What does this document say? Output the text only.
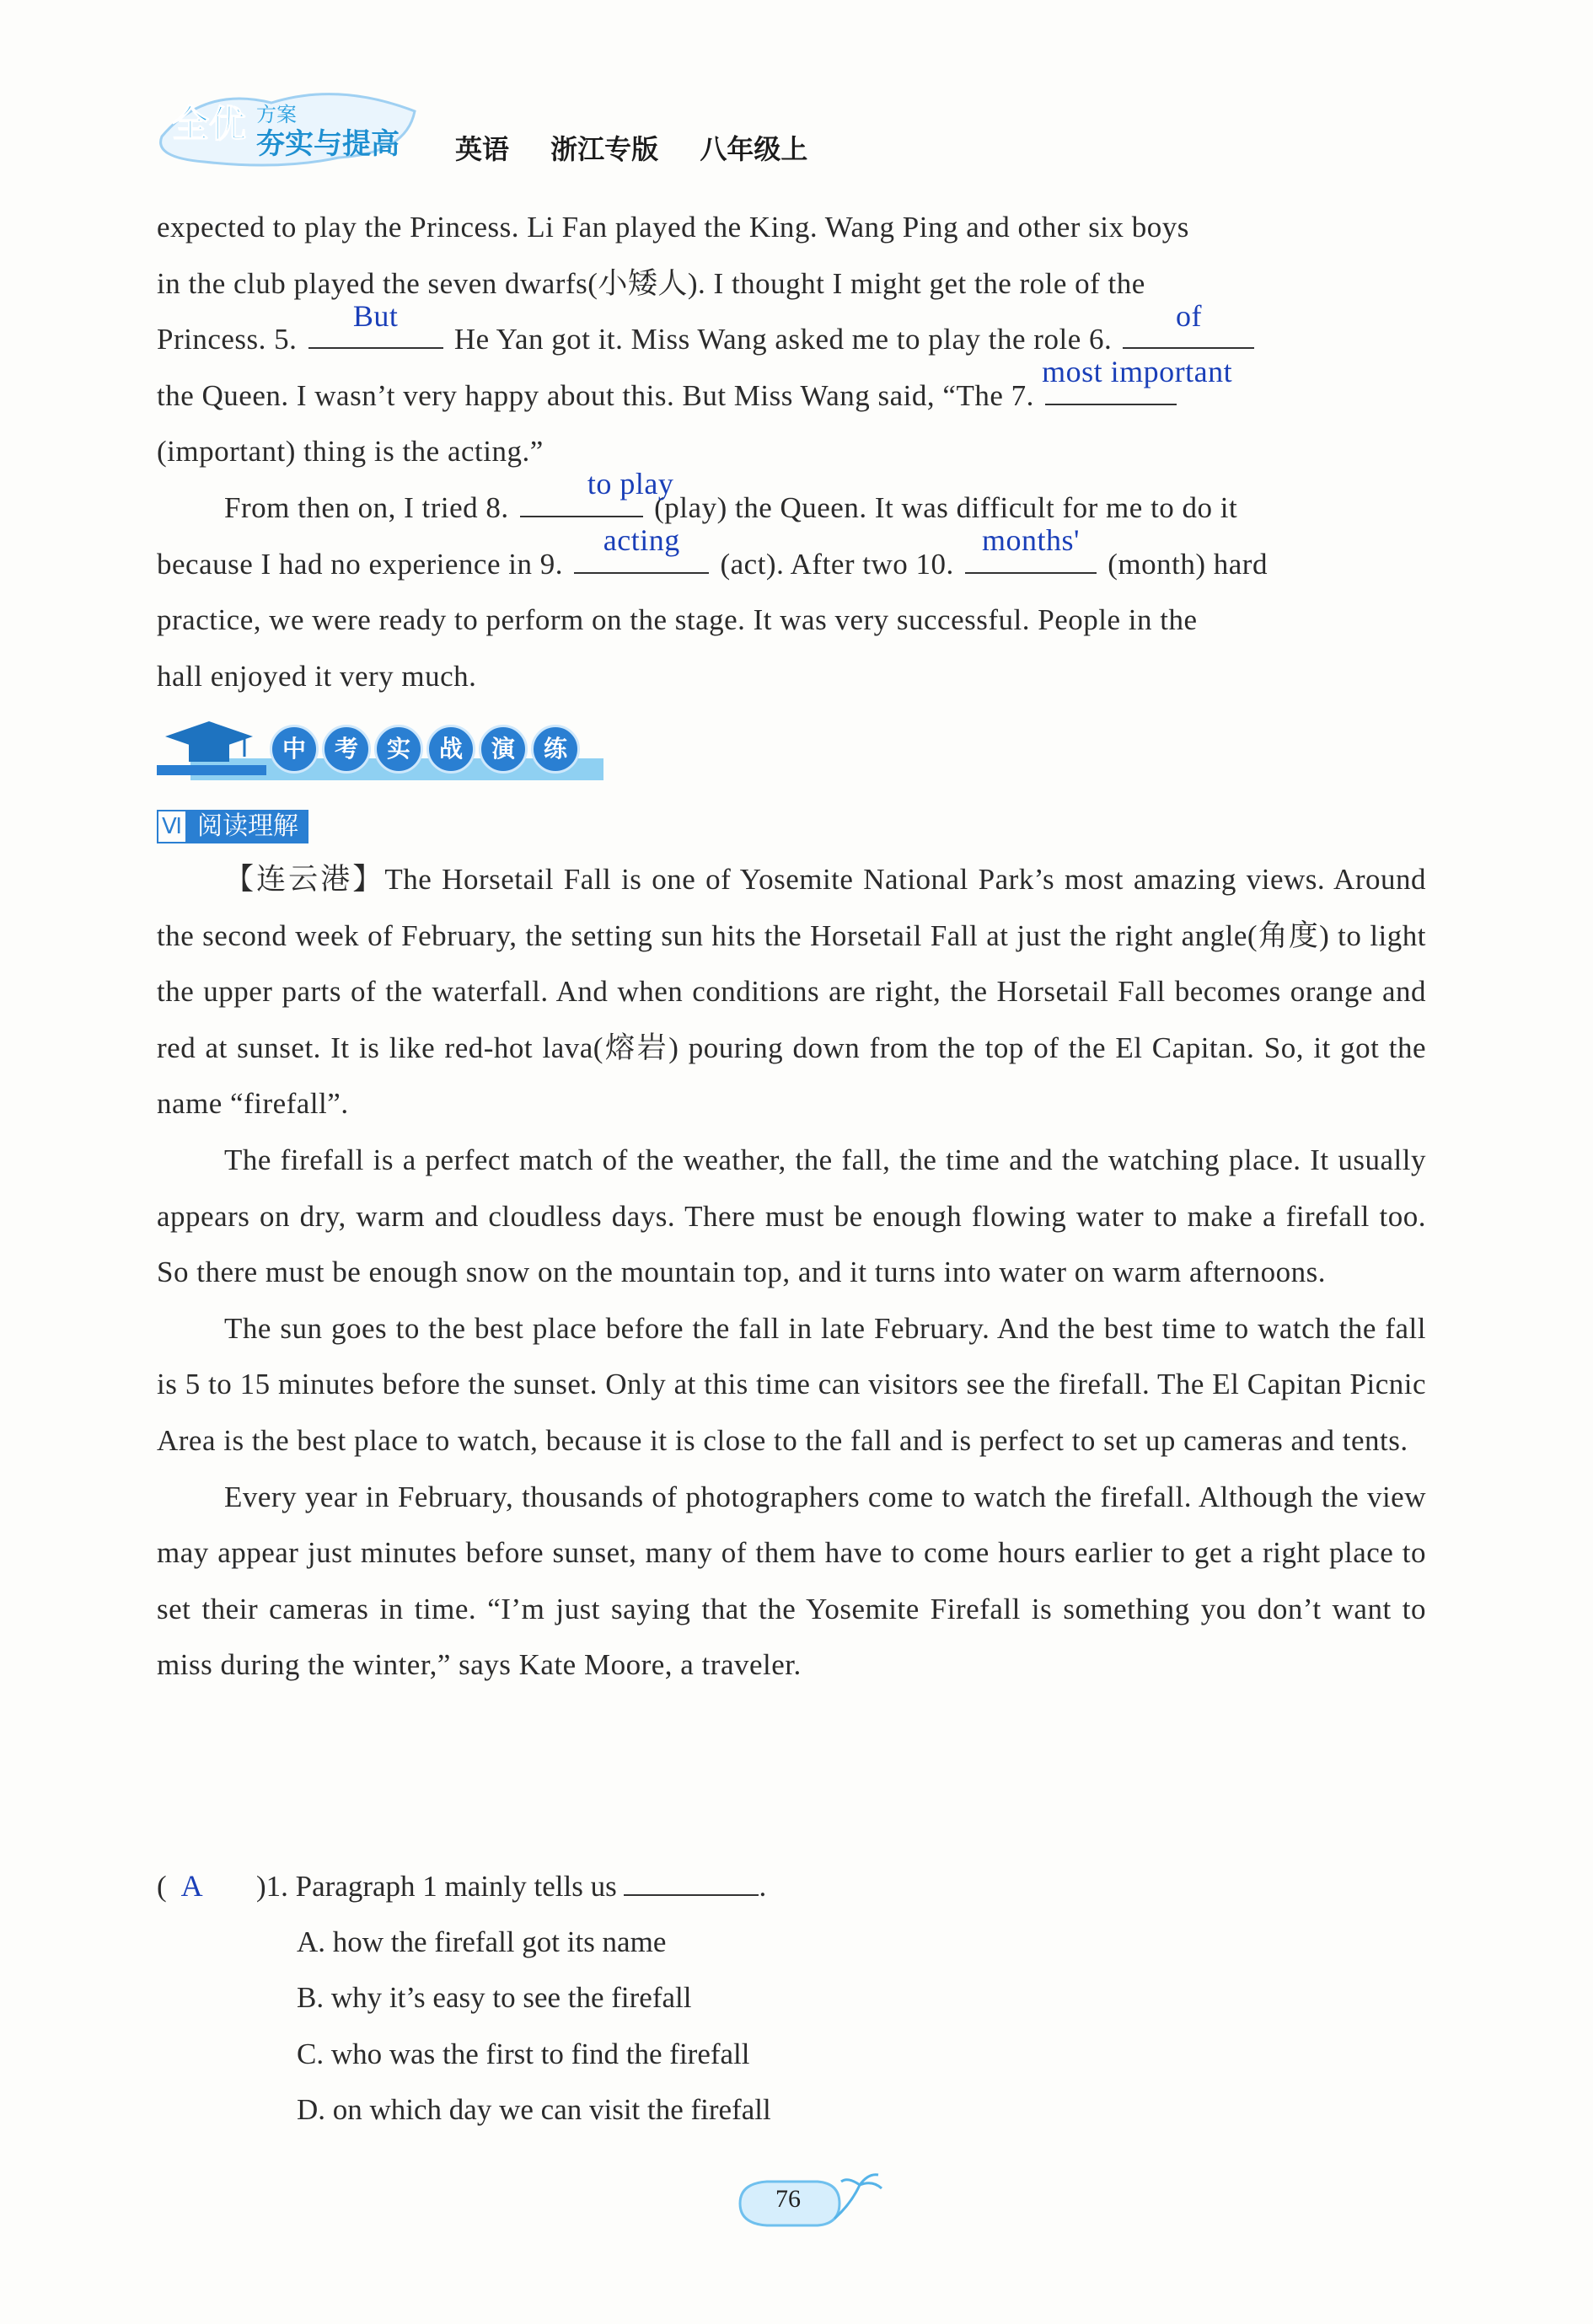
全优 方案
夯实与提高 英语 浙江专版 八年级上

expected to play the Princess. Li Fan played the King. Wang Ping and other six boys

in the club played the seven dwarfs(小矮人). I thought I might get the role of the

Princess. 5.
But
He Yan got it. Miss Wang asked me to play the role 6.
of

the Queen. I wasn’t very happy about this. But Miss Wang said, “The 7.
most important

(important) thing is the acting.”

From then on, I tried 8.
to play
(play) the Queen. It was difficult for me to do it

because I had no experience in 9.
acting
(act). After two 10.
months'
(month) hard

practice, we were ready to perform on the stage. It was very successful. People in the

hall enjoyed it very much.

中	考	实	战	演	练
Ⅵ 阅读理解

【连云港】The Horsetail Fall is one of Yosemite National Park’s most amazing views. Around the second week of February, the setting sun hits the Horsetail Fall at just the right angle(角度) to light the upper parts of the waterfall. And when conditions are right, the Horsetail Fall becomes orange and red at sunset. It is like red-hot lava(熔岩) pouring down from the top of the El Capitan. So, it got the name “firefall”.

The firefall is a perfect match of the weather, the fall, the time and the watching place. It usually appears on dry, warm and cloudless days. There must be enough flowing water to make a firefall too. So there must be enough snow on the mountain top, and it turns into water on warm afternoons.

The sun goes to the best place before the fall in late February. And the best time to watch the fall is 5 to 15 minutes before the sunset. Only at this time can visitors see the firefall. The El Capitan Picnic Area is the best place to watch, because it is close to the fall and is perfect to set up cameras and tents.

Every year in February, thousands of photographers come to watch the firefall. Although the view may appear just minutes before sunset, many of them have to come hours earlier to get a right place to set their cameras in time. “I’m just saying that the Yosemite Firefall is something you don’t want to miss during the winter,” says Kate Moore, a traveler.

( A )1. Paragraph 1 mainly tells us	.
A. how the firefall got its name
B. why it’s easy to see the firefall
C. who was the first to find the firefall
D. on which day we can visit the firefall
76
